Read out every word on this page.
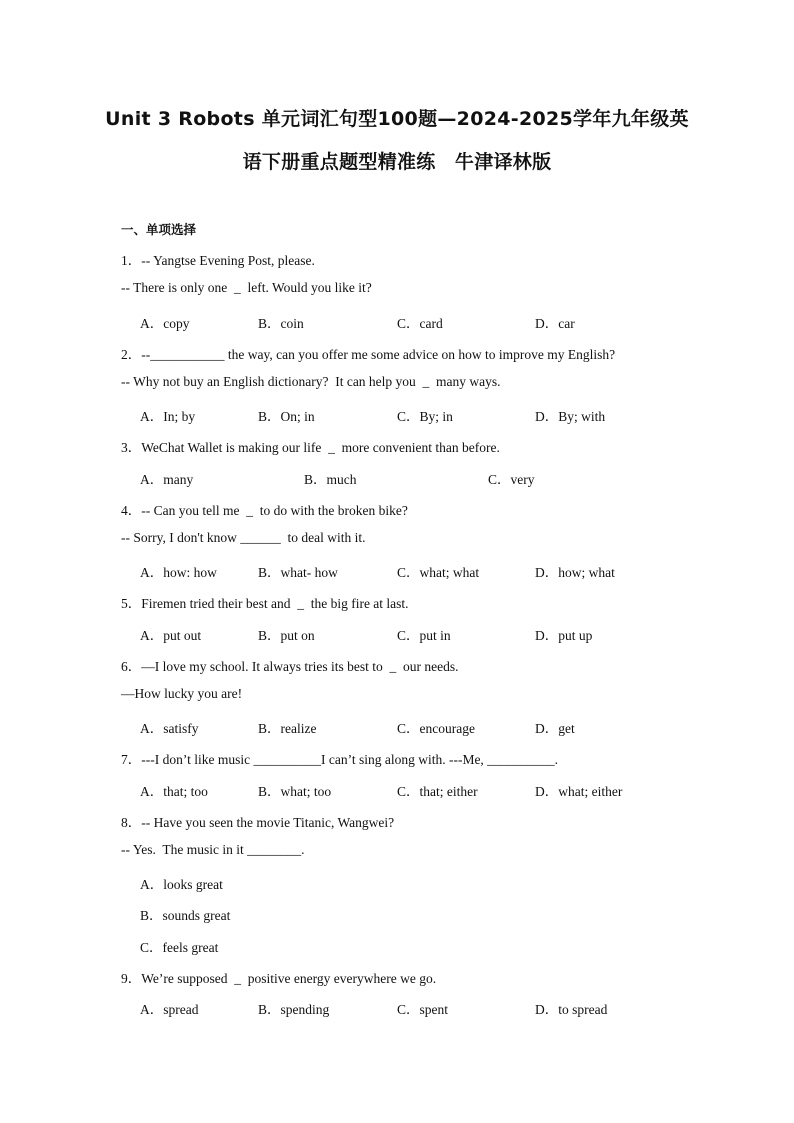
Unit 3 Robots 单元词汇句型100题—2024-2025学年九年级英
语下册重点题型精准练　牛津译林版
一、单项选择
1．-- Yangtse Evening Post, please.
-- There is only one  _  left. Would you like it?
A．copy	B．coin	C．card	D．car
2．--___________ the way, can you offer me some advice on how to improve my English?
-- Why not buy an English dictionary?  It can help you  _  many ways.
A．In; by	B．On; in	C．By; in	D．By; with
3．WeChat Wallet is making our life  _  more convenient than before.
A．many	B．much	C．very
4．-- Can you tell me  _  to do with the broken bike?
-- Sorry, I don't know ______  to deal with it.
A．how: how	B．what- how	C．what; what	D．how; what
5．Firemen tried their best and  _  the big fire at last.
A．put out	B．put on	C．put in	D．put up
6．—I love my school. It always tries its best to  _  our needs.
—How lucky you are!
A．satisfy	B．realize	C．encourage	D．get
7．---I don’t like music __________I can’t sing along with. ---Me, __________.
A．that; too	B．what; too	C．that; either	D．what; either
8．-- Have you seen the movie Titanic, Wangwei?
-- Yes.  The music in it ________.
A．looks great
B．sounds great
C．feels great
9．We’re supposed  _  positive energy everywhere we go.
A．spread	B．spending	C．spent	D．to spread
